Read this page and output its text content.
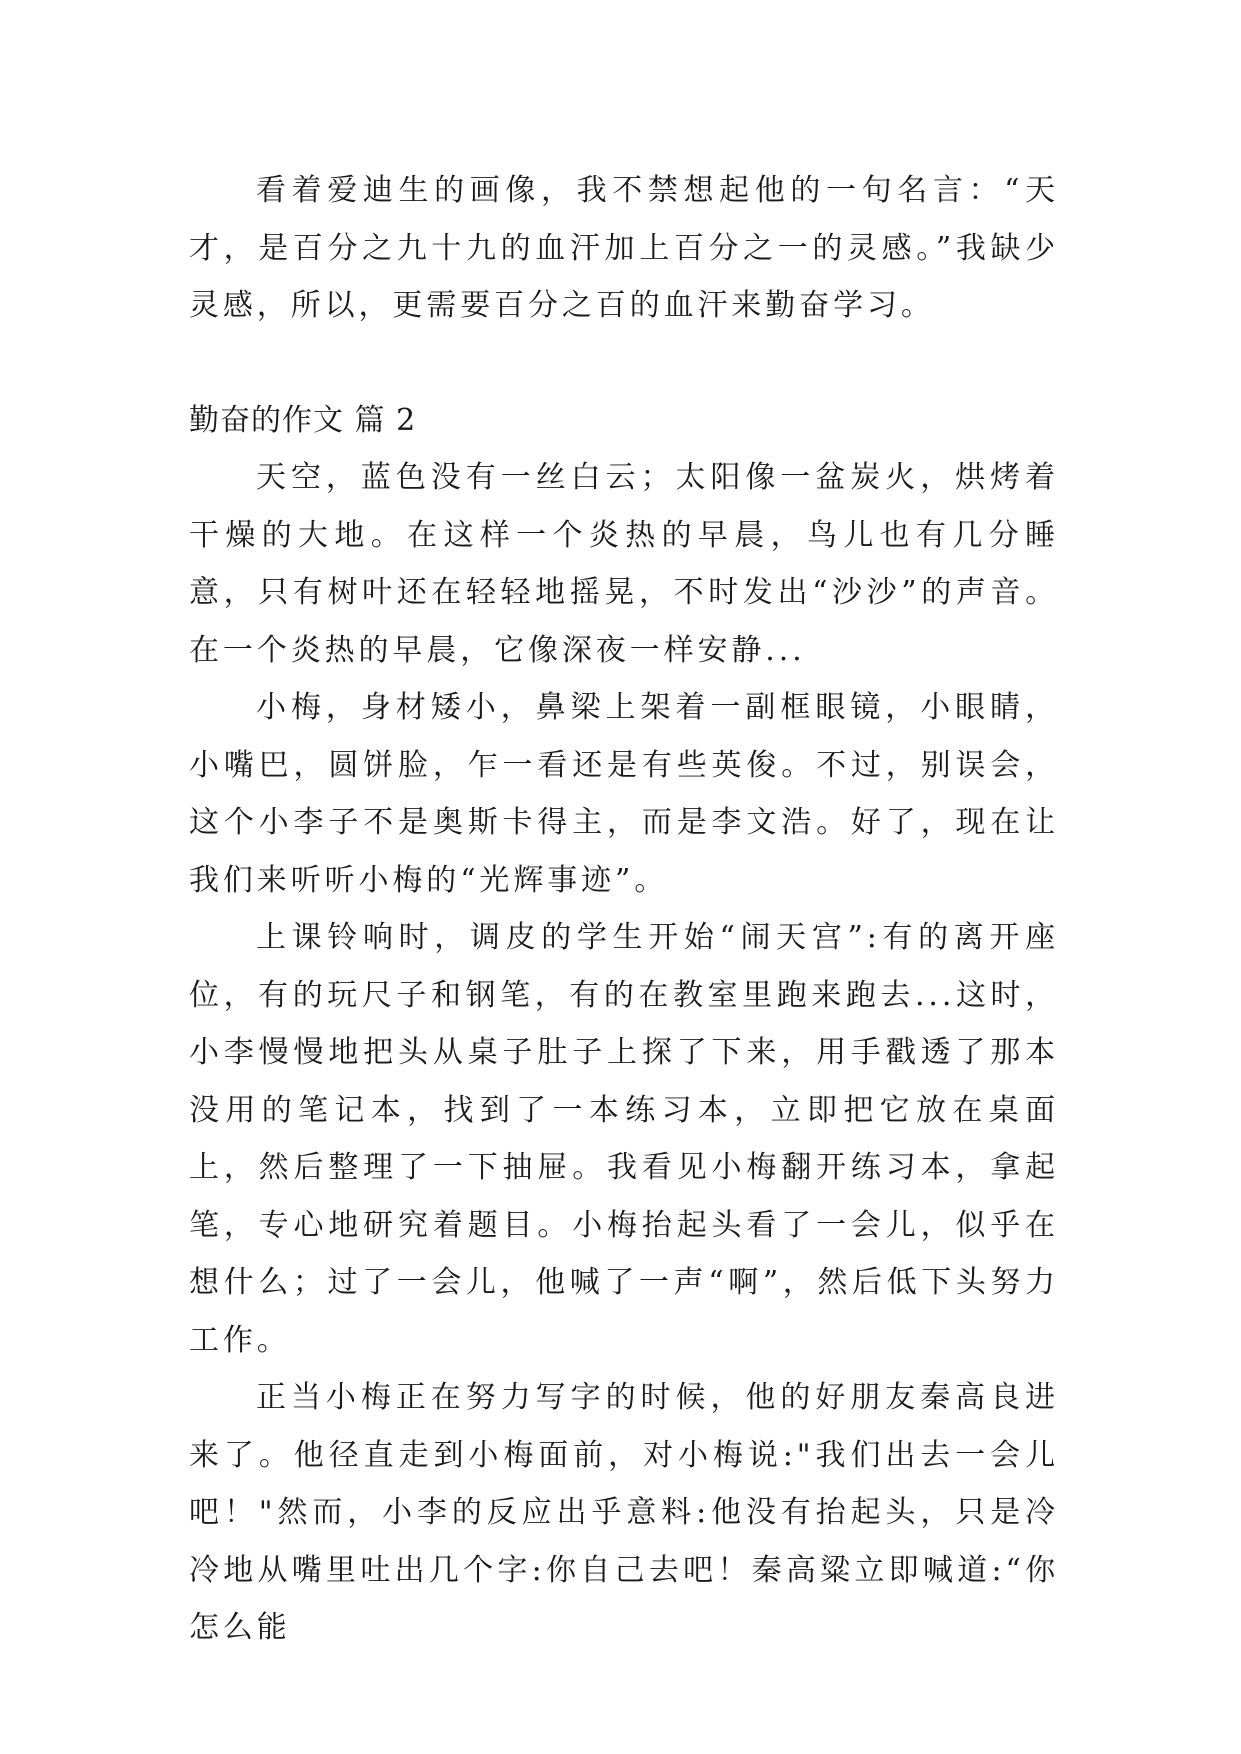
看着爱迪生的画像，我不禁想起他的一句名言：“天才，是百分之九十九的血汗加上百分之一的灵感。”我缺少灵感，所以，更需要百分之百的血汗来勤奋学习。

勤奋的作文 篇 2

天空，蓝色没有一丝白云；太阳像一盆炭火，烘烤着干燥的大地。在这样一个炎热的早晨，鸟儿也有几分睡意，只有树叶还在轻轻地摇晃，不时发出“沙沙”的声音。在一个炎热的早晨，它像深夜一样安静...

小梅，身材矮小，鼻梁上架着一副框眼镜，小眼睛，小嘴巴，圆饼脸，乍一看还是有些英俊。不过，别误会，这个小李子不是奥斯卡得主，而是李文浩。好了，现在让我们来听听小梅的“光辉事迹”。

上课铃响时，调皮的学生开始“闹天宫”:有的离开座位，有的玩尺子和钢笔，有的在教室里跑来跑去...这时，小李慢慢地把头从桌子肚子上探了下来，用手戳透了那本没用的笔记本，找到了一本练习本，立即把它放在桌面上，然后整理了一下抽屉。我看见小梅翻开练习本，拿起笔，专心地研究着题目。小梅抬起头看了一会儿，似乎在想什么；过了一会儿，他喊了一声“啊”，然后低下头努力工作。

正当小梅正在努力写字的时候，他的好朋友秦高良进来了。他径直走到小梅面前，对小梅说:"我们出去一会儿吧！"然而，小李的反应出乎意料:他没有抬起头，只是冷冷地从嘴里吐出几个字:你自己去吧！秦高粱立即喊道:“你怎么能
